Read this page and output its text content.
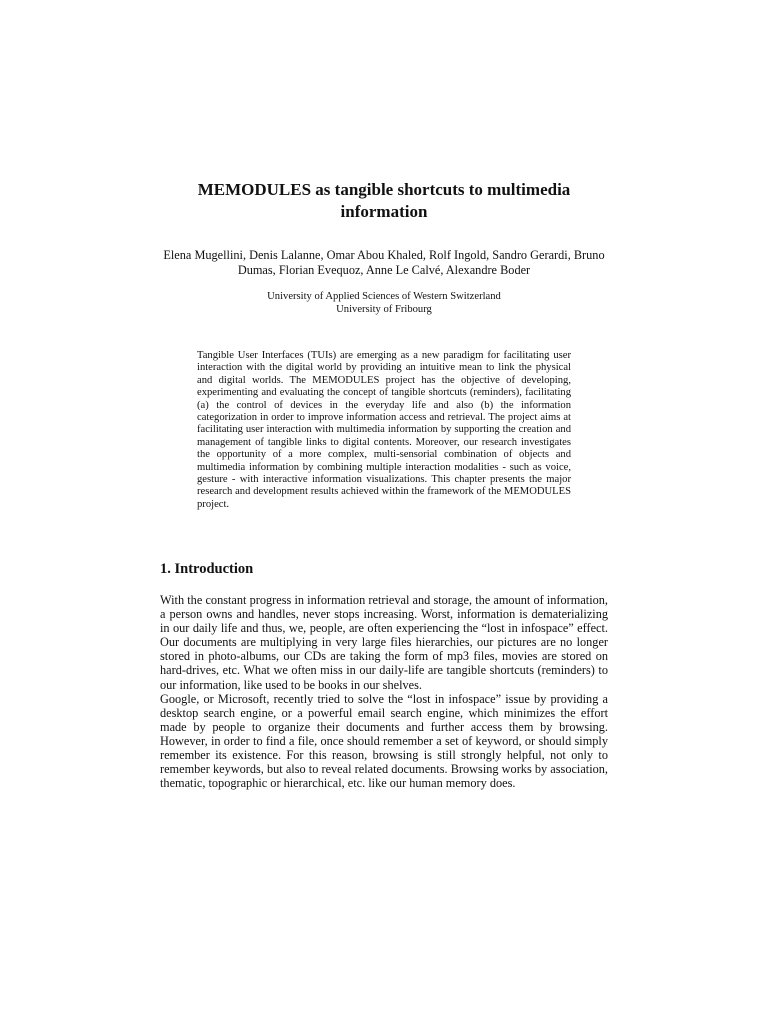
MEMODULES as tangible shortcuts to multimedia information

Elena Mugellini, Denis Lalanne, Omar Abou Khaled, Rolf Ingold, Sandro Gerardi, Bruno Dumas, Florian Evequoz, Anne Le Calvé, Alexandre Boder

University of Applied Sciences of Western Switzerland
University of Fribourg

Tangible User Interfaces (TUIs) are emerging as a new paradigm for facilitating user interaction with the digital world by providing an intuitive mean to link the physical and digital worlds. The MEMODULES project has the objective of developing, experimenting and evaluating the concept of tangible shortcuts (reminders), facilitating (a) the control of devices in the everyday life and also (b) the information categorization in order to improve information access and retrieval. The project aims at facilitating user interaction with multimedia information by supporting the creation and management of tangible links to digital contents. Moreover, our research investigates the opportunity of a more complex, multi-sensorial combination of objects and multimedia information by combining multiple interaction modalities - such as voice, gesture - with interactive information visualizations. This chapter presents the major research and development results achieved within the framework of the MEMODULES project.

1. Introduction

With the constant progress in information retrieval and storage, the amount of information, a person owns and handles, never stops increasing. Worst, information is dematerializing in our daily life and thus, we, people, are often experiencing the “lost in infospace” effect. Our documents are multiplying in very large files hierarchies, our pictures are no longer stored in photo-albums, our CDs are taking the form of mp3 files, movies are stored on hard-drives, etc. What we often miss in our daily-life are tangible shortcuts (reminders) to our information, like used to be books in our shelves.

Google, or Microsoft, recently tried to solve the “lost in infospace” issue by providing a desktop search engine, or a powerful email search engine, which minimizes the effort made by people to organize their documents and further access them by browsing. However, in order to find a file, once should remember a set of keyword, or should simply remember its existence. For this reason, browsing is still strongly helpful, not only to remember keywords, but also to reveal related documents. Browsing works by association, thematic, topographic or hierarchical, etc. like our human memory does.
